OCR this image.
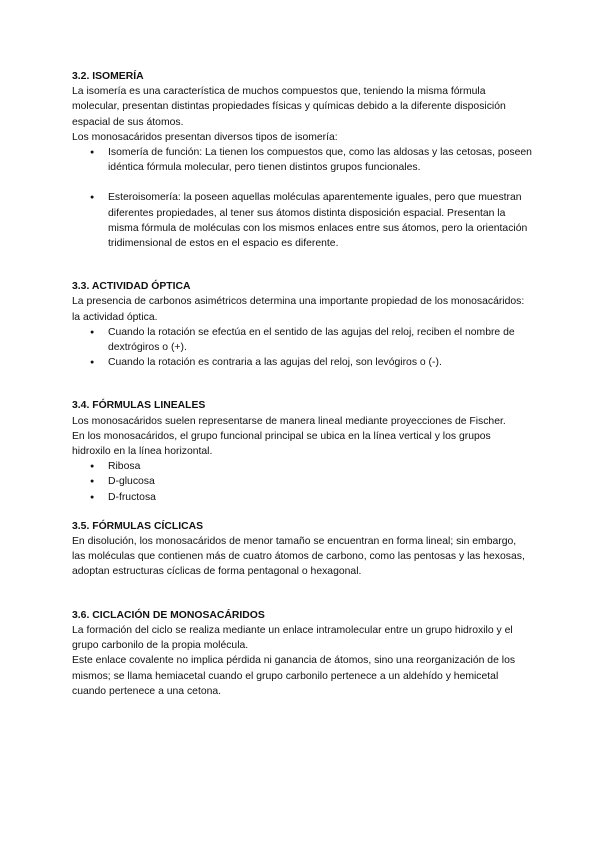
3.2. ISOMERÍA

La isomería es una característica de muchos compuestos que, teniendo la misma fórmula molecular, presentan distintas propiedades físicas y químicas debido a la diferente disposición espacial de sus átomos.

Los monosacáridos presentan diversos tipos de isomería:

● Isomería de función: La tienen los compuestos que, como las aldosas y las cetosas, poseen idéntica fórmula molecular, pero tienen distintos grupos funcionales.
● Esteroisomería: la poseen aquellas moléculas aparentemente iguales, pero que muestran diferentes propiedades, al tener sus átomos distinta disposición espacial. Presentan la misma fórmula de moléculas con los mismos enlaces entre sus átomos, pero la orientación tridimensional de estos en el espacio es diferente.
3.3. ACTIVIDAD ÓPTICA

La presencia de carbonos asimétricos determina una importante propiedad de los monosacáridos: la actividad óptica.

● Cuando la rotación se efectúa en el sentido de las agujas del reloj, reciben el nombre de dextrógiros o (+).
● Cuando la rotación es contraria a las agujas del reloj, son levógiros o (-).
3.4. FÓRMULAS LINEALES

Los monosacáridos suelen representarse de manera lineal mediante proyecciones de Fischer.

En los monosacáridos, el grupo funcional principal se ubica en la línea vertical y los grupos hidroxilo en la línea horizontal.

● Ribosa
● D-glucosa
● D-fructosa
3.5. FÓRMULAS CÍCLICAS

En disolución, los monosacáridos de menor tamaño se encuentran en forma lineal; sin embargo, las moléculas que contienen más de cuatro átomos de carbono, como las pentosas y las hexosas, adoptan estructuras cíclicas de forma pentagonal o hexagonal.

3.6. CICLACIÓN DE MONOSACÁRIDOS

La formación del ciclo se realiza mediante un enlace intramolecular entre un grupo hidroxilo y el grupo carbonilo de la propia molécula.

Este enlace covalente no implica pérdida ni ganancia de átomos, sino una reorganización de los mismos; se llama hemiacetal cuando el grupo carbonilo pertenece a un aldehído y hemicetal cuando pertenece a una cetona.
